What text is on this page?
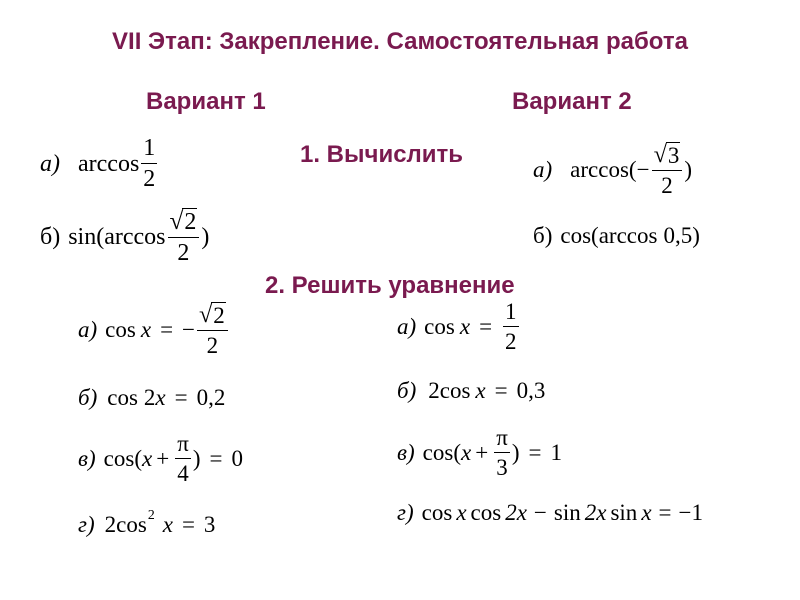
VII Этап: Закрепление. Самостоятельная работа
Вариант 1	Вариант 2
1. Вычислить
2. Решить уравнение
а) $\arccos \frac{1}{2}$
б) sin ( $\arccos \frac{√ 2}{2}$ )
а) arccos ( − $\frac{√ 3}{2}$ )
б) cos ( arccos 0,5 )
а) cos x = − $\frac{√ 2}{2}$
б) cos 2 x = 0,2
в) cos ( $x + \frac{\pi}{4}$ ) = 0
г) 2 $\cos^2 x = 3$
а) $\cos x = \frac{1}{2}$
б) 2 cos x = 0,3
в) cos ( $x + \frac{\pi}{3}$ ) = 1
г) cos x cos 2x − sin 2x sin x = −1
